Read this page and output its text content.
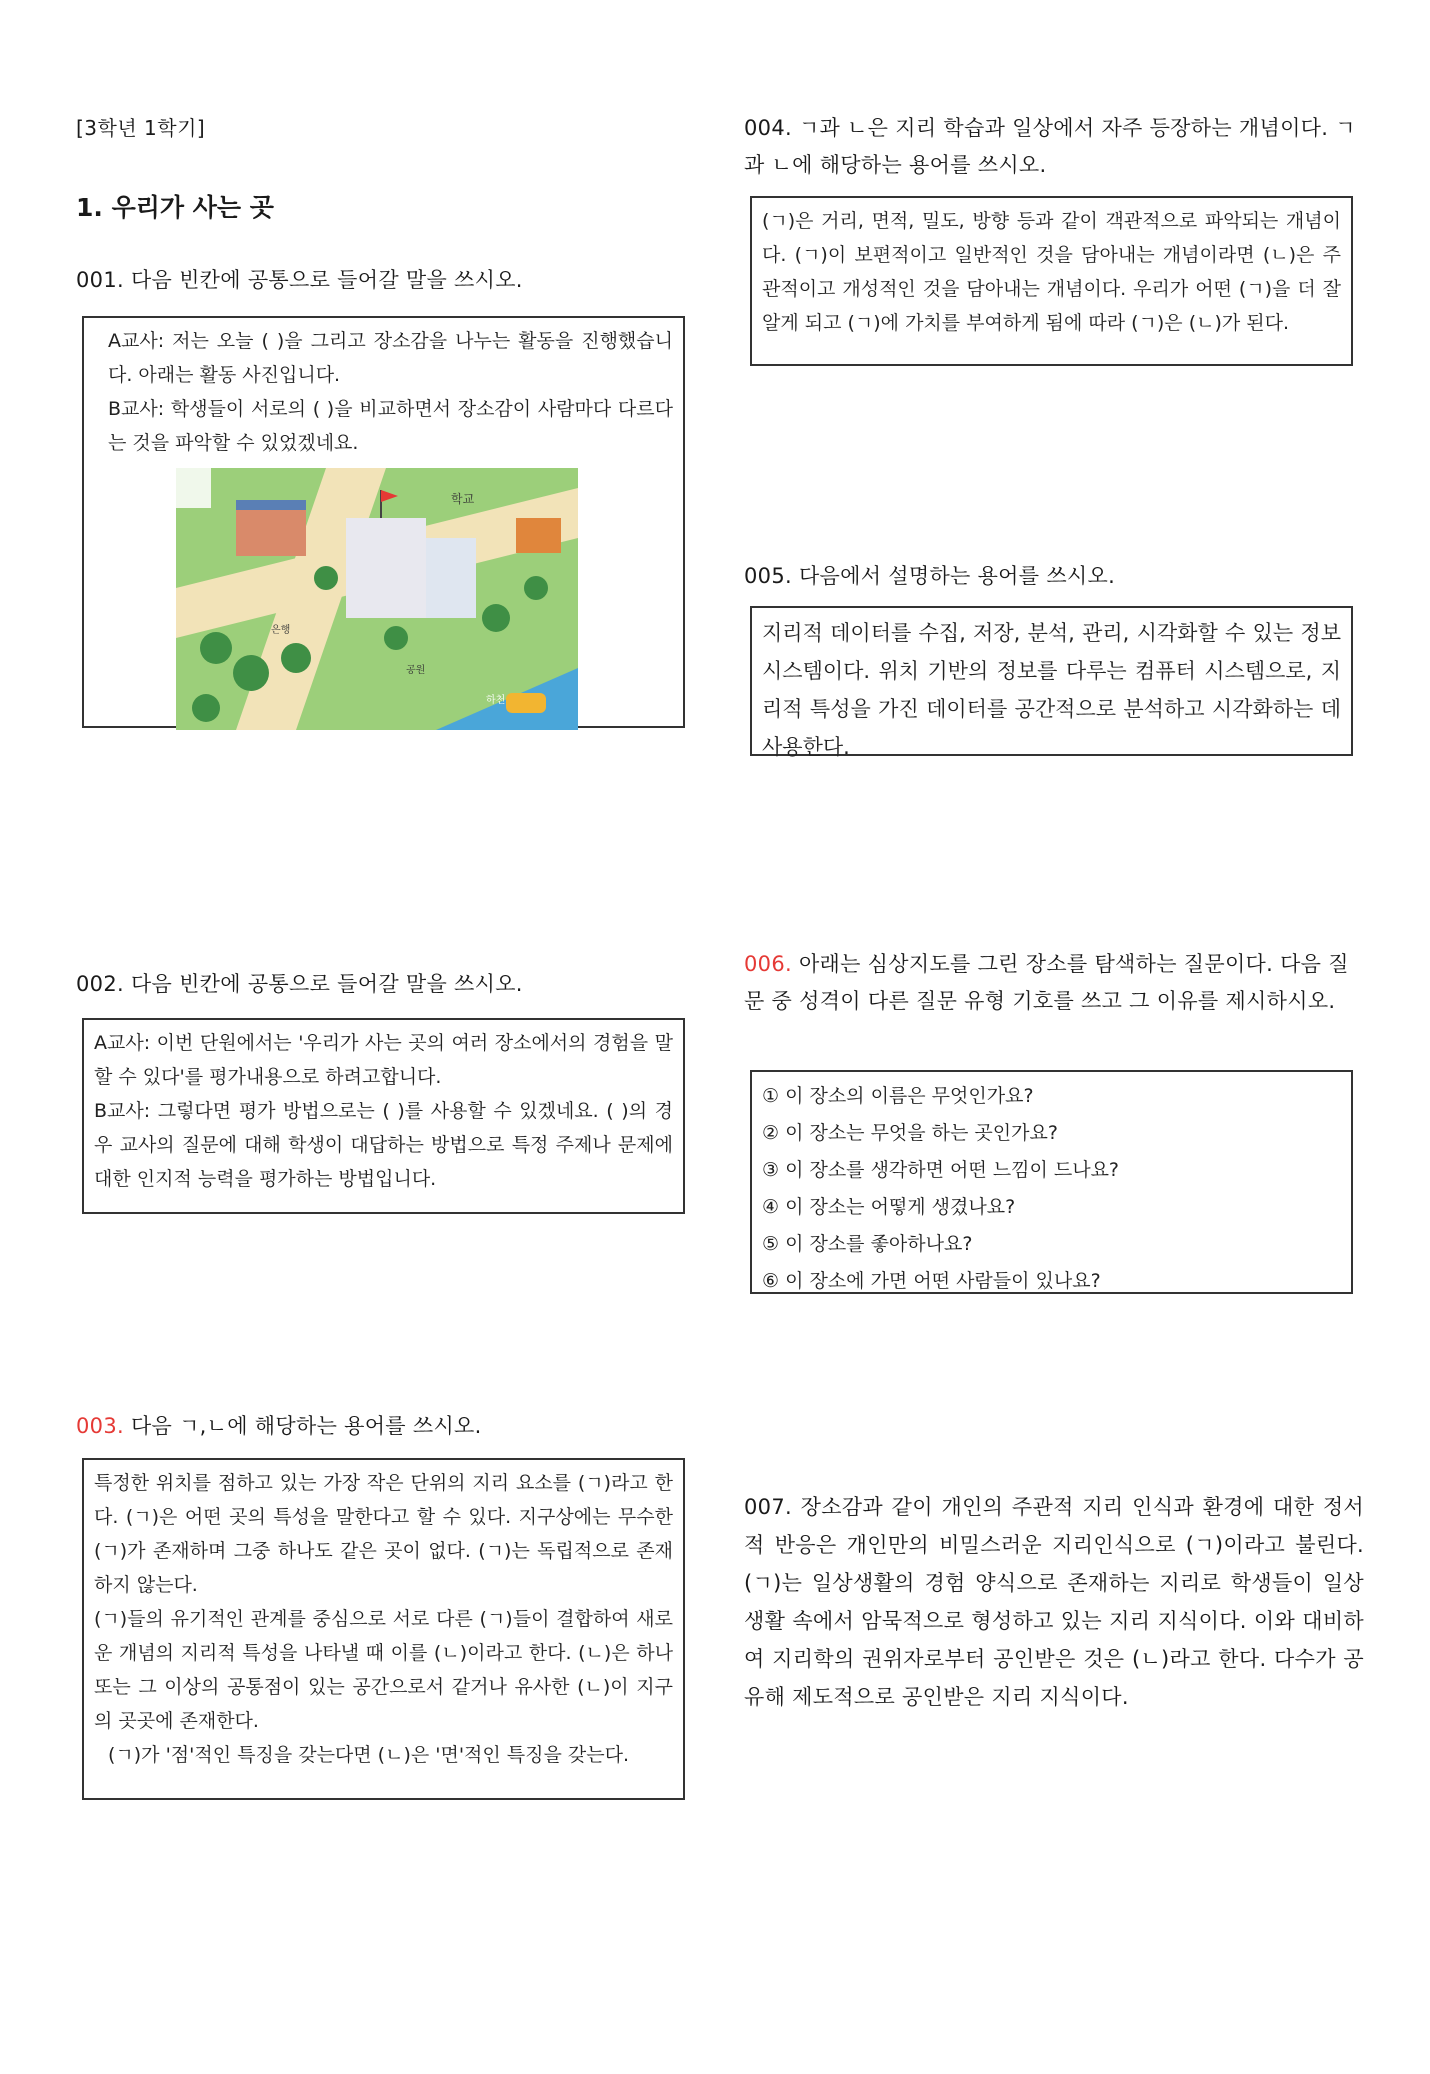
[3학년 1학기]
1. 우리가 사는 곳
001. 다음 빈칸에 공통으로 들어갈 말을 쓰시오.

A교사: 저는 오늘 ( )을 그리고 장소감을 나누는 활동을 진행했습니다. 아래는 활동 사진입니다.

B교사: 학생들이 서로의 ( )을 비교하면서 장소감이 사람마다 다르다는 것을 파악할 수 있었겠네요.

학교
은행
공원
하천
002. 다음 빈칸에 공통으로 들어갈 말을 쓰시오.

A교사: 이번 단원에서는 '우리가 사는 곳의 여러 장소에서의 경험을 말할 수 있다'를 평가내용으로 하려고합니다.

B교사: 그렇다면 평가 방법으로는 ( )를 사용할 수 있겠네요. ( )의 경우 교사의 질문에 대해 학생이 대답하는 방법으로 특정 주제나 문제에 대한 인지적 능력을 평가하는 방법입니다.

003. 다음 ㄱ,ㄴ에 해당하는 용어를 쓰시오.

특정한 위치를 점하고 있는 가장 작은 단위의 지리 요소를 (ㄱ)라고 한다. (ㄱ)은 어떤 곳의 특성을 말한다고 할 수 있다. 지구상에는 무수한 (ㄱ)가 존재하며 그중 하나도 같은 곳이 없다. (ㄱ)는 독립적으로 존재하지 않는다.

(ㄱ)들의 유기적인 관계를 중심으로 서로 다른 (ㄱ)들이 결합하여 새로운 개념의 지리적 특성을 나타낼 때 이를 (ㄴ)이라고 한다. (ㄴ)은 하나 또는 그 이상의 공통점이 있는 공간으로서 같거나 유사한 (ㄴ)이 지구의 곳곳에 존재한다.

(ㄱ)가 '점'적인 특징을 갖는다면 (ㄴ)은 '면'적인 특징을 갖는다.

004. ㄱ과 ㄴ은 지리 학습과 일상에서 자주 등장하는 개념이다. ㄱ과 ㄴ에 해당하는 용어를 쓰시오.

(ㄱ)은 거리, 면적, 밀도, 방향 등과 같이 객관적으로 파악되는 개념이다. (ㄱ)이 보편적이고 일반적인 것을 담아내는 개념이라면 (ㄴ)은 주관적이고 개성적인 것을 담아내는 개념이다. 우리가 어떤 (ㄱ)을 더 잘 알게 되고 (ㄱ)에 가치를 부여하게 됨에 따라 (ㄱ)은 (ㄴ)가 된다.

005. 다음에서 설명하는 용어를 쓰시오.

지리적 데이터를 수집, 저장, 분석, 관리, 시각화할 수 있는 정보 시스템이다. 위치 기반의 정보를 다루는 컴퓨터 시스템으로, 지리적 특성을 가진 데이터를 공간적으로 분석하고 시각화하는 데 사용한다.

006. 아래는 심상지도를 그린 장소를 탐색하는 질문이다. 다음 질문 중 성격이 다른 질문 유형 기호를 쓰고 그 이유를 제시하시오.

① 이 장소의 이름은 무엇인가요?

② 이 장소는 무엇을 하는 곳인가요?

③ 이 장소를 생각하면 어떤 느낌이 드나요?

④ 이 장소는 어떻게 생겼나요?

⑤ 이 장소를 좋아하나요?

⑥ 이 장소에 가면 어떤 사람들이 있나요?

007. 장소감과 같이 개인의 주관적 지리 인식과 환경에 대한 정서적 반응은 개인만의 비밀스러운 지리인식으로 (ㄱ)이라고 불린다. (ㄱ)는 일상생활의 경험 양식으로 존재하는 지리로 학생들이 일상생활 속에서 암묵적으로 형성하고 있는 지리 지식이다. 이와 대비하여 지리학의 권위자로부터 공인받은 것은 (ㄴ)라고 한다. 다수가 공유해 제도적으로 공인받은 지리 지식이다.
